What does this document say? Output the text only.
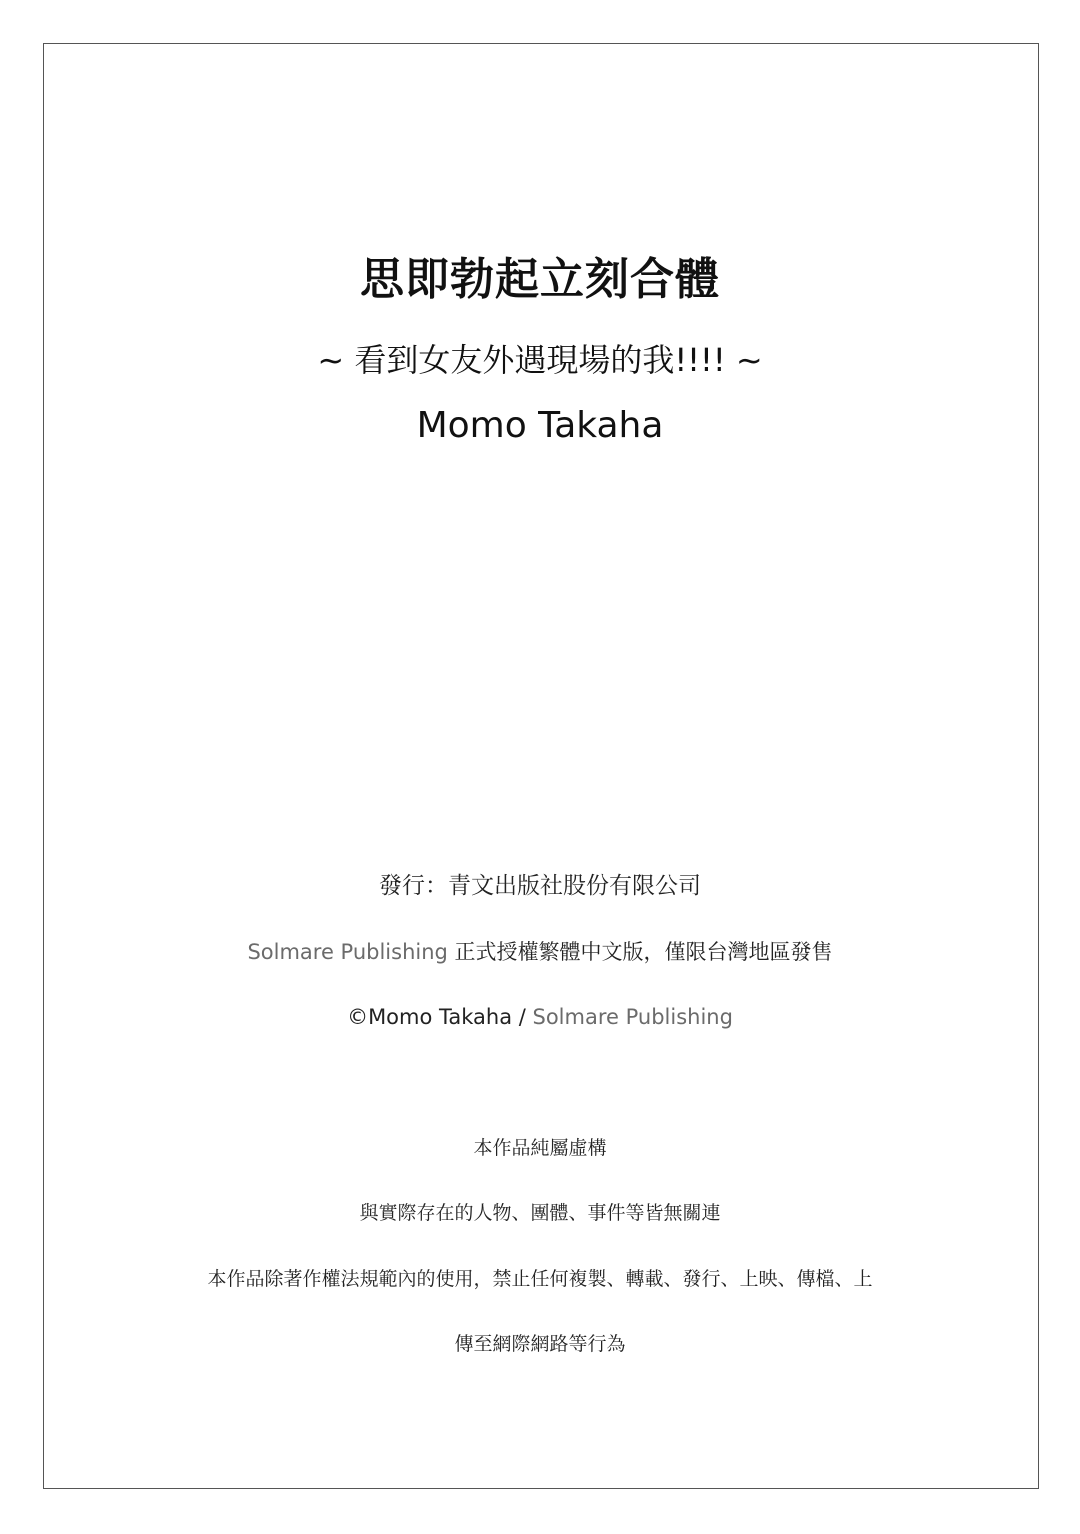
思即勃起立刻合體

~ 看到女友外遇現場的我!!!! ~

Momo Takaha

發行：青文出版社股份有限公司

Solmare Publishing 正式授權繁體中文版，僅限台灣地區發售

©Momo Takaha / Solmare Publishing

本作品純屬虛構

與實際存在的人物、團體、事件等皆無關連

本作品除著作權法規範內的使用，禁止任何複製、轉載、發行、上映、傳檔、上

傳至網際網路等行為
